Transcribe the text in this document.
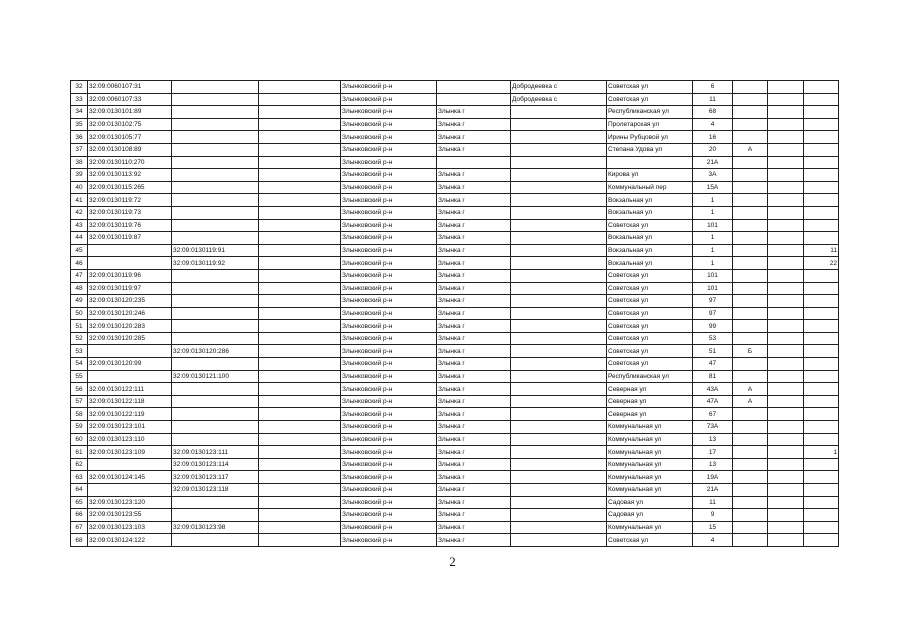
32	32:09:0060107:31			Злынковский р-н		Добродеевка с	Советская ул	6			
33	32:09:0060107:33			Злынковский р-н		Добродеевка с	Советская ул	11			
34	32:09:0130101:89			Злынковский р-н	Злынка г		Республиканская ул	68			
35	32:09:0130102:75			Злынковский р-н	Злынка г		Пролетарская ул	4			
36	32:09:0130105:77			Злынковский р-н	Злынка г		Ирины Рубцовой ул	16			
37	32:09:0130108:89			Злынковский р-н	Злынка г		Степана Удова ул	20	А		
38	32:09:0130110:270			Злынковский р-н				21А			
39	32:09:0130113:92			Злынковский р-н	Злынка г		Кирова ул	3А			
40	32:09:0130115:265			Злынковский р-н	Злынка г		Коммунальный пер	15А			
41	32:09:0130119:72			Злынковский р-н	Злынка г		Вокзальная ул	1			
42	32:09:0130119:73			Злынковский р-н	Злынка г		Вокзальная ул	1			
43	32:09:0130119:76			Злынковский р-н	Злынка г		Советская ул	101			
44	32:09:0130119:87			Злынковский р-н	Злынка г		Вокзальная ул	1			
45		32:09:0130119:91		Злынковский р-н	Злынка г		Вокзальная ул	1			11
46		32:09:0130119:92		Злынковский р-н	Злынка г		Вокзальная ул	1			22
47	32:09:0130119:96			Злынковский р-н	Злынка г		Советская ул	101			
48	32:09:0130119:97			Злынковский р-н	Злынка г		Советская ул	101			
49	32:09:0130120:235			Злынковский р-н	Злынка г		Советская ул	97			
50	32:09:0130120:246			Злынковский р-н	Злынка г		Советская ул	97			
51	32:09:0130120:283			Злынковский р-н	Злынка г		Советская ул	99			
52	32:09:0130120:285			Злынковский р-н	Злынка г		Советская ул	53			
53		32:09:0130120:286		Злынковский р-н	Злынка г		Советская ул	51	Б		
54	32:09:0130120:99			Злынковский р-н	Злынка г		Советская ул	47			
55		32:09:0130121:100		Злынковский р-н	Злынка г		Республиканская ул	81			
56	32:09:0130122:111			Злынковский р-н	Злынка г		Северная ул	43А	А		
57	32:09:0130122:118			Злынковский р-н	Злынка г		Северная ул	47А	А		
58	32:09:0130122:119			Злынковский р-н	Злынка г		Северная ул	67			
59	32:09:0130123:101			Злынковский р-н	Злынка г		Коммунальная ул	73А			
60	32:09:0130123:110			Злынковский р-н	Злынка г		Коммунальная ул	13			
61	32:09:0130123:109	32:09:0130123:111		Злынковский р-н	Злынка г		Коммунальная ул	17			1
62		32:09:0130123:114		Злынковский р-н	Злынка г		Коммунальная ул	13			
63	32:09:0130124:145	32:09:0130123:117		Злынковский р-н	Злынка г		Коммунальная ул	19А			
64		32:09:0130123:118		Злынковский р-н	Злынка г		Коммунальная ул	21А			
65	32:09:0130123:120			Злынковский р-н	Злынка г		Садовая ул	11			
66	32:09:0130123:55			Злынковский р-н	Злынка г		Садовая ул	9			
67	32:09:0130123:103	32:09:0130123:98		Злынковский р-н	Злынка г		Коммунальная ул	15			
68	32:09:0130124:122			Злынковский р-н	Злынка г		Советская ул	4			
2
